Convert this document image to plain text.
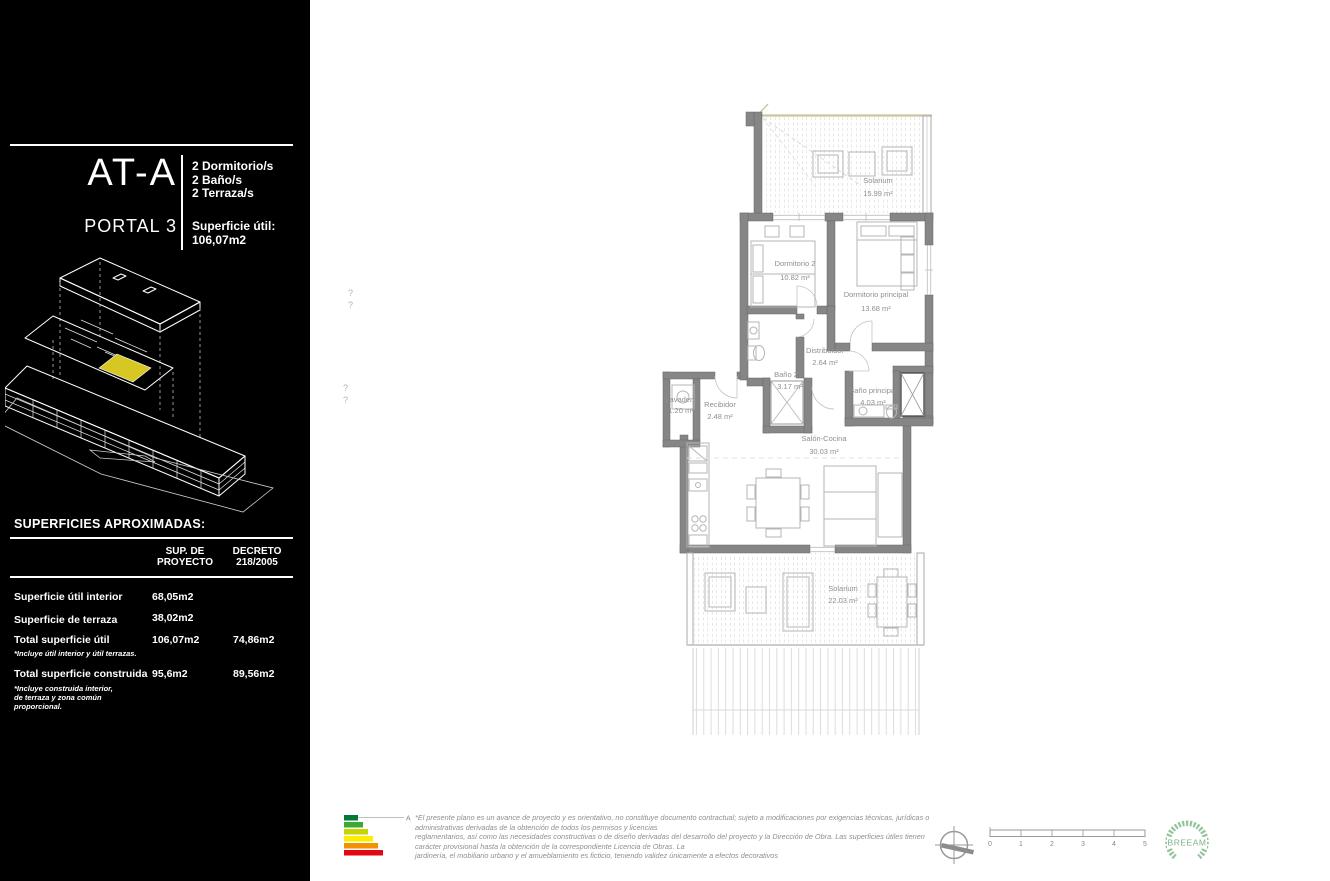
AT-A
PORTAL 3
2 Dormitorio/s
2 Baño/s
2 Terraza/s
Superficie útil:
106,07m2
SUPERFICIES APROXIMADAS:
SUP. DE
PROYECTO
DECRETO
218/2005
Superficie útil interior	68,05m2
Superficie de terraza	38,02m2
Total superficie útil	106,07m2	74,86m2
*Incluye útil interior y útil terrazas.
Total superficie construida 95,6m2	89,56m2
*Incluye construida interior,
de terraza y zona común
proporcional.
?
?
?
?
Solarium
15.99 m²
Dormitorio 2
10.82 m²
Dormitorio principal
13.68 m²
Distribuidor
2.64 m²
Baño 2
3.17 m²	Baño principal
4.03 m²
Lavadero
1.20 m²
Recibidor
2.48 m²
Salón-Cocina
30.03 m²
Solarium
22.03 m²
A *El presente plano es un avance de proyecto y es orientativo, no constituye documento contractual; sujeto a modificaciones por exigencias técnicas, jurídicas o
administrativas derivadas de la obtención de todos los permisos y licencias
reglamentarios, así como las necesidades constructivas o de diseño derivadas del desarrollo del proyecto y la Dirección de Obra. Las superficies útiles tienen
carácter provisional hasta la obtención de la correspondiente Licencia de Obras. La
jardinería, el mobiliario urbano y el amueblamiento es ficticio, teniendo validez únicamente a efectos decorativos
0	1	2	3	4	5 BREEAM
